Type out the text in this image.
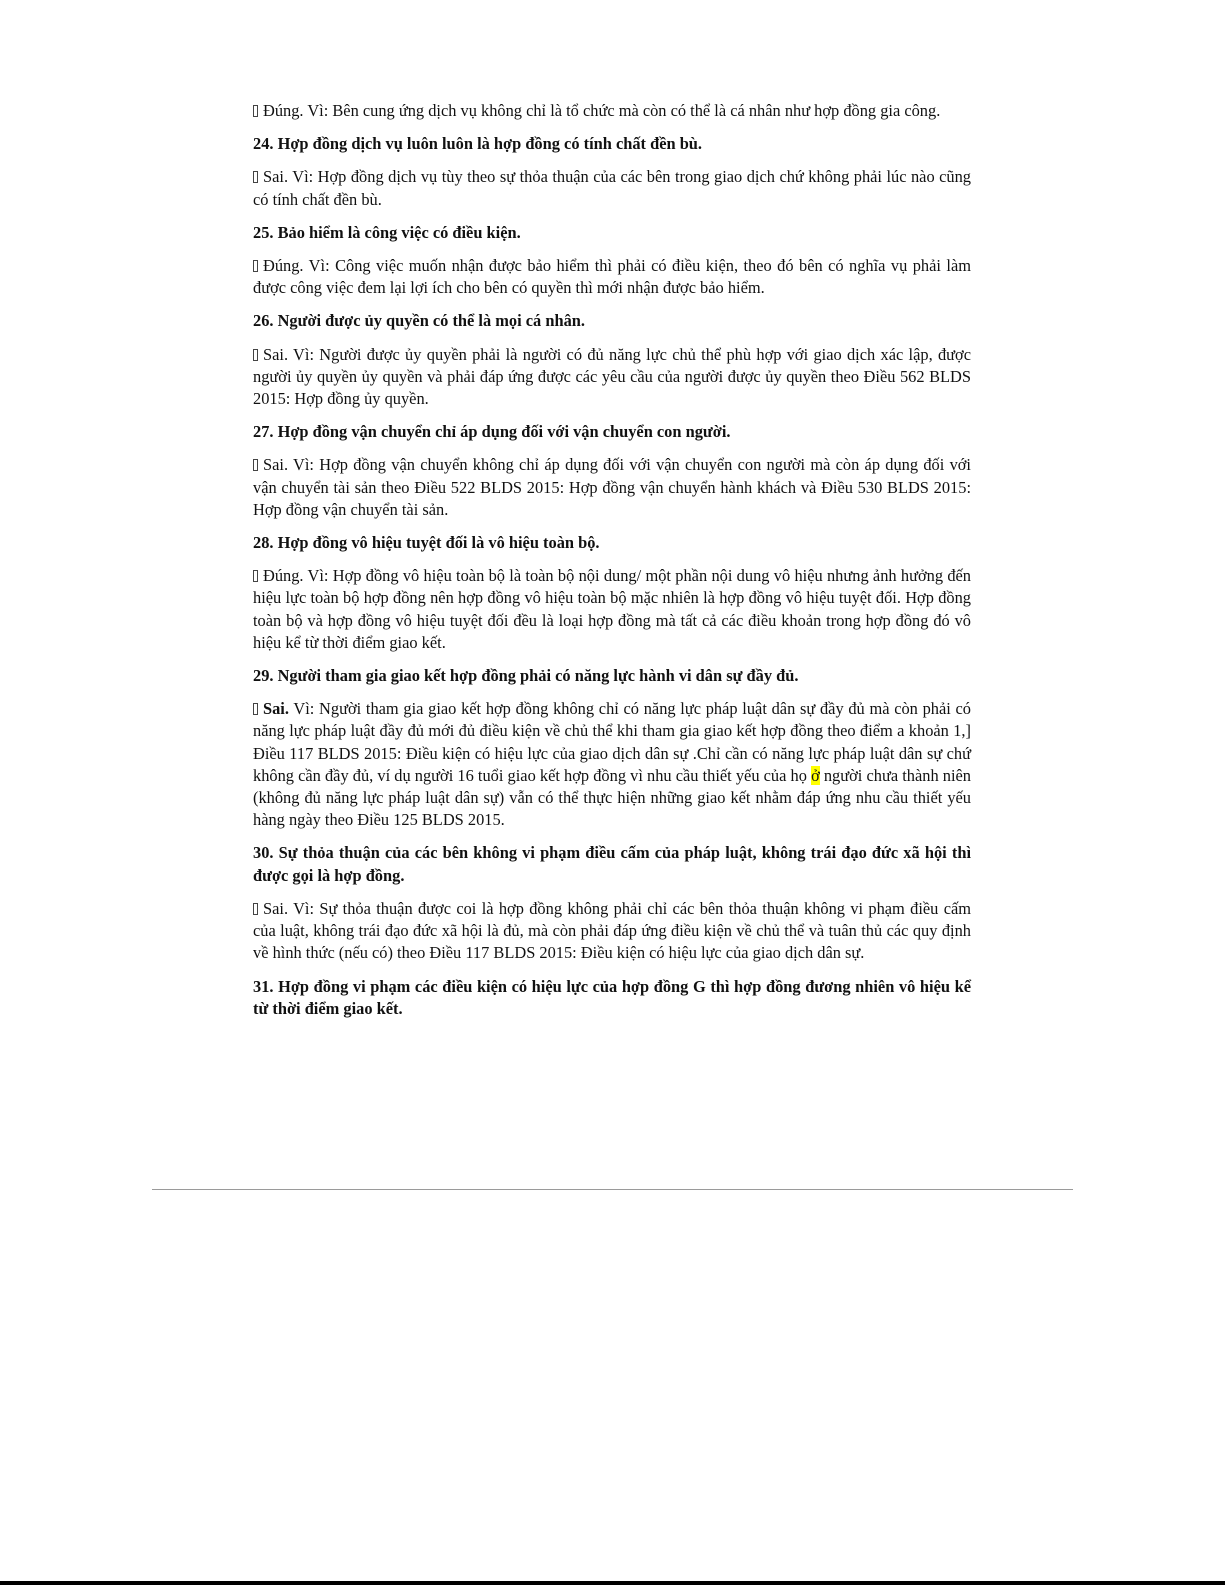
Đúng. Vì: Bên cung ứng dịch vụ không chỉ là tổ chức mà còn có thể là cá nhân như hợp đồng gia công.

24. Hợp đồng dịch vụ luôn luôn là hợp đồng có tính chất đền bù.

Sai. Vì: Hợp đồng dịch vụ tùy theo sự thỏa thuận của các bên trong giao dịch chứ không phải lúc nào cũng có tính chất đền bù.

25. Bảo hiểm là công việc có điều kiện.

Đúng. Vì: Công việc muốn nhận được bảo hiểm thì phải có điều kiện, theo đó bên có nghĩa vụ phải làm được công việc đem lại lợi ích cho bên có quyền thì mới nhận được bảo hiểm.

26. Người được ủy quyền có thể là mọi cá nhân.

Sai. Vì: Người được ủy quyền phải là người có đủ năng lực chủ thể phù hợp với giao dịch xác lập, được người ủy quyền ủy quyền và phải đáp ứng được các yêu cầu của người được ủy quyền theo Điều 562 BLDS 2015: Hợp đồng ủy quyền.

27. Hợp đồng vận chuyển chỉ áp dụng đối với vận chuyển con người.

Sai. Vì: Hợp đồng vận chuyển không chỉ áp dụng đối với vận chuyển con người mà còn áp dụng đối với vận chuyển tài sản theo Điều 522 BLDS 2015: Hợp đồng vận chuyển hành khách và Điều 530 BLDS 2015: Hợp đồng vận chuyển tài sản.

28. Hợp đồng vô hiệu tuyệt đối là vô hiệu toàn bộ.

Đúng. Vì: Hợp đồng vô hiệu toàn bộ là toàn bộ nội dung/ một phần nội dung vô hiệu nhưng ảnh hưởng đến hiệu lực toàn bộ hợp đồng nên hợp đồng vô hiệu toàn bộ mặc nhiên là hợp đồng vô hiệu tuyệt đối. Hợp đồng toàn bộ và hợp đồng vô hiệu tuyệt đối đều là loại hợp đồng mà tất cả các điều khoản trong hợp đồng đó vô hiệu kể từ thời điểm giao kết.

29. Người tham gia giao kết hợp đồng phải có năng lực hành vi dân sự đầy đủ.

Sai. Vì: Người tham gia giao kết hợp đồng không chỉ có năng lực pháp luật dân sự đầy đủ mà còn phải có năng lực pháp luật đầy đủ mới đủ điều kiện về chủ thể khi tham gia giao kết hợp đồng theo điểm a khoản 1,] Điều 117 BLDS 2015: Điều kiện có hiệu lực của giao dịch dân sự .Chỉ cần có năng lực pháp luật dân sự chứ không cần đầy đủ, ví dụ người 16 tuổi giao kết hợp đồng vì nhu cầu thiết yếu của họ ở người chưa thành niên (không đủ năng lực pháp luật dân sự) vẫn có thể thực hiện những giao kết nhằm đáp ứng nhu cầu thiết yếu hàng ngày theo Điều 125 BLDS 2015.

30. Sự thỏa thuận của các bên không vi phạm điều cấm của pháp luật, không trái đạo đức xã hội thì được gọi là hợp đồng.

Sai. Vì: Sự thỏa thuận được coi là hợp đồng không phải chỉ các bên thỏa thuận không vi phạm điều cấm của luật, không trái đạo đức xã hội là đủ, mà còn phải đáp ứng điều kiện về chủ thể và tuân thủ các quy định về hình thức (nếu có) theo Điều 117 BLDS 2015: Điều kiện có hiệu lực của giao dịch dân sự.

31. Hợp đồng vi phạm các điều kiện có hiệu lực của hợp đồng G thì hợp đồng đương nhiên vô hiệu kể từ thời điểm giao kết.
